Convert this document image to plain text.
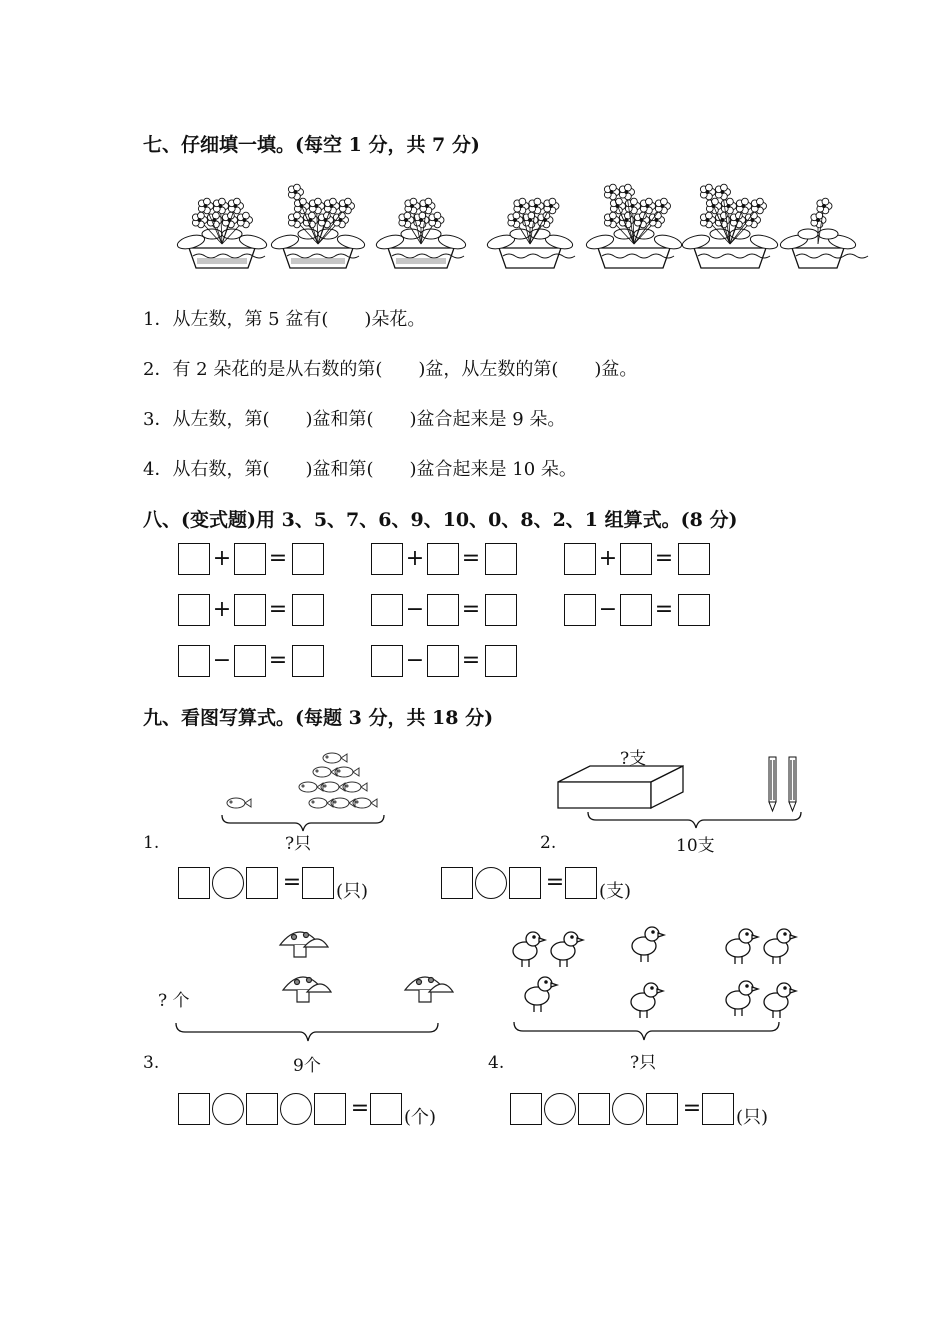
七、仔细填一填。(每空 1 分，共 7 分)
1．从左数，第 5 盆有(　　)朵花。
2．有 2 朵花的是从右数的第(　　)盆，从左数的第(　　)盆。
3．从左数，第(　　)盆和第(　　)盆合起来是 9 朵。
4．从右数，第(　　)盆和第(　　)盆合起来是 10 朵。
八、(变式题)用 3、5、7、6、9、10、0、8、2、1 组算式。(8 分)
+ =	+ =	+ =
+ =	− =	− =
− =	− =
九、看图写算式。(每题 3 分，共 18 分)
1.	?只
?支
2.	10支
? 个
3.	9个	?只
4.
= (只)	= (支)
= (个)	= (只)
